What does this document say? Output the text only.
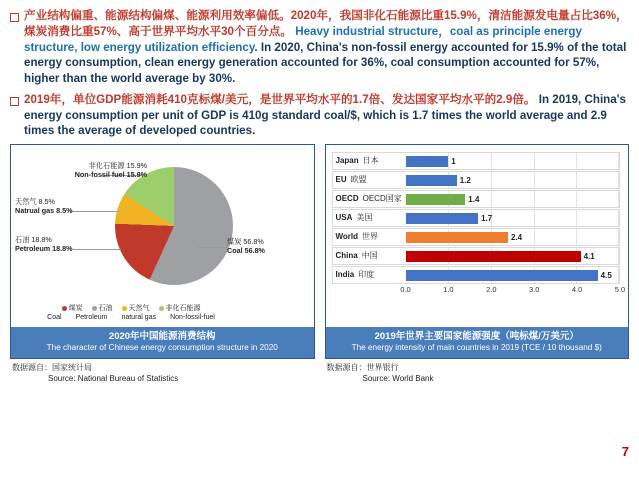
产业结构偏重、能源结构偏煤、能源利用效率偏低。2020年，我国非化石能源比重15.9%，清洁能源发电量占比36%，煤炭消费比重57%、高于世界平均水平30个百分点。 Heavy industrial structure，coal as principle energy structure, low energy utilization efficiency. In 2020, China's non-fossil energy accounted for 15.9% of the total energy consumption, clean energy generation accounted for 36%, coal consumption accounted for 57%, higher than the world average by 30%.
2019年，单位GDP能源消耗410克标煤/美元，是世界平均水平的1.7倍、发达国家平均水平的2.9倍。 In 2019, China's energy consumption per unit of GDP is 410g standard coal/$, which is 1.7 times the world average and 2.9 times the average of developed countries.
非化石能源 15.9%
Non-fossil fuel 15.9%
天然气 8.5%
Natrual gas 8.5%
石油 18.8%
Petroleum 18.8%
煤炭 56.8%
Coal 56.8%
煤炭 石油 天然气 非化石能源
Coal Petroleum natural gas Non-fossil-fuel
2020年中国能源消费结构
The character of Chinese energy consumption structure in 2020
数据源自：国家统计局
Source: National Bureau of Statistics
Japan 日本	1
EU 欧盟	1.2
OECD OECD国家	1.4
USA 美国	1.7
World 世界	2.4
China 中国	4.1
India 印度	4.5
0.0	1.0	2.0	3.0	4.0	5.0
2019年世界主要国家能源强度（吨标煤/万美元）
The energy intensity of main countries in 2019 (TCE / 10 thousand $)
数据源自：世界银行
Source: World Bank
7
